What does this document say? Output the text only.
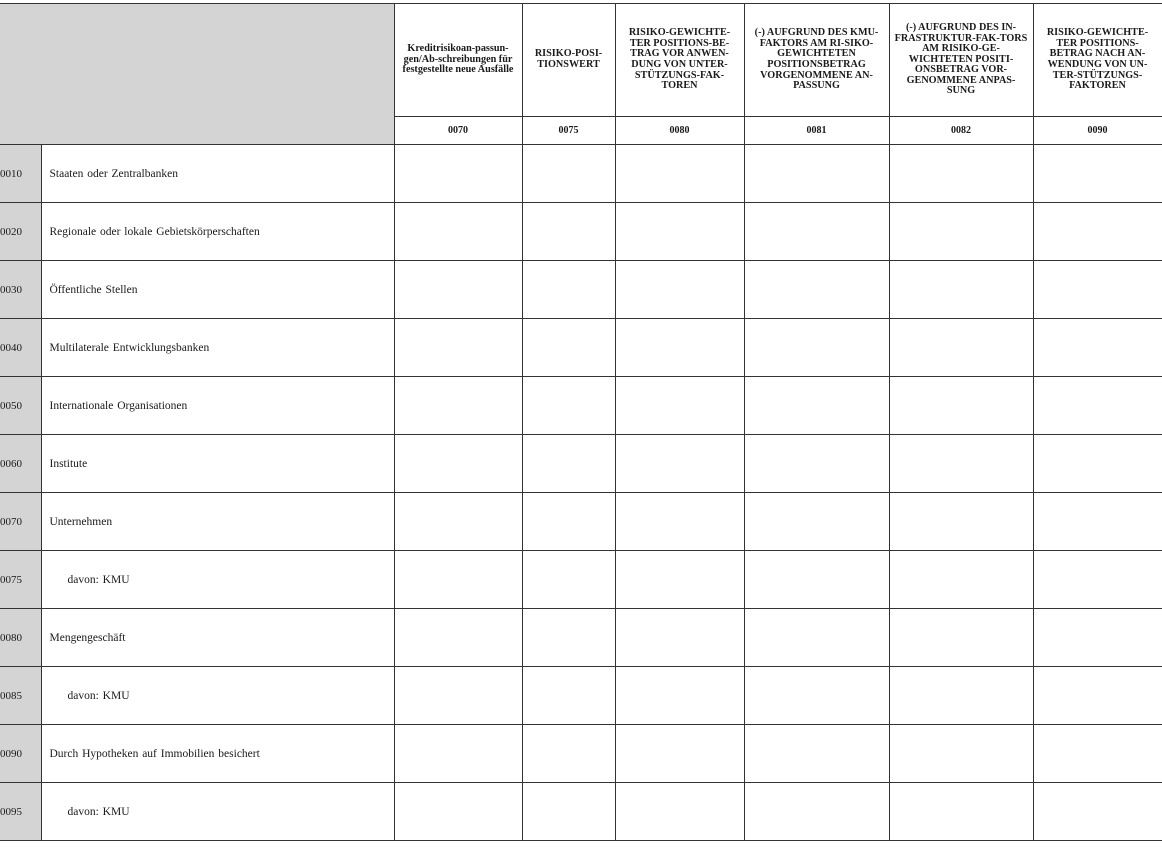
		Kreditrisikoan-passun-gen/Ab-schreibungen für festgestellte neue Ausfälle	RISIKO-POSI-TIONSWERT	RISIKO-GEWICHTE-TER POSITIONS-BE-TRAG VOR ANWEN-DUNG VON UNTER-STÜTZUNGS-FAK-TOREN	(-) AUFGRUND DES KMU-FAKTORS AM RI-SIKO-GEWICHTETEN POSITIONSBETRAG VORGENOMMENE AN-PASSUNG	(-) AUFGRUND DES IN-FRASTRUKTUR-FAK-TORS AM RISIKO-GE-WICHTETEN POSITI-ONSBETRAG VOR-GENOMMENE ANPAS-SUNG	RISIKO-GEWICHTE-TER POSITIONS-BETRAG NACH AN-WENDUNG VON UN-TER-STÜTZUNGS-FAKTOREN
		0070	0075	0080	0081	0082	0090
0010	Staaten oder Zentralbanken						
0020	Regionale oder lokale Gebietskörperschaften						
0030	Öffentliche Stellen						
0040	Multilaterale Entwicklungsbanken						
0050	Internationale Organisationen						
0060	Institute						
0070	Unternehmen						
0075	davon: KMU						
0080	Mengengeschäft						
0085	davon: KMU						
0090	Durch Hypotheken auf Immobilien besichert						
0095	davon: KMU						
